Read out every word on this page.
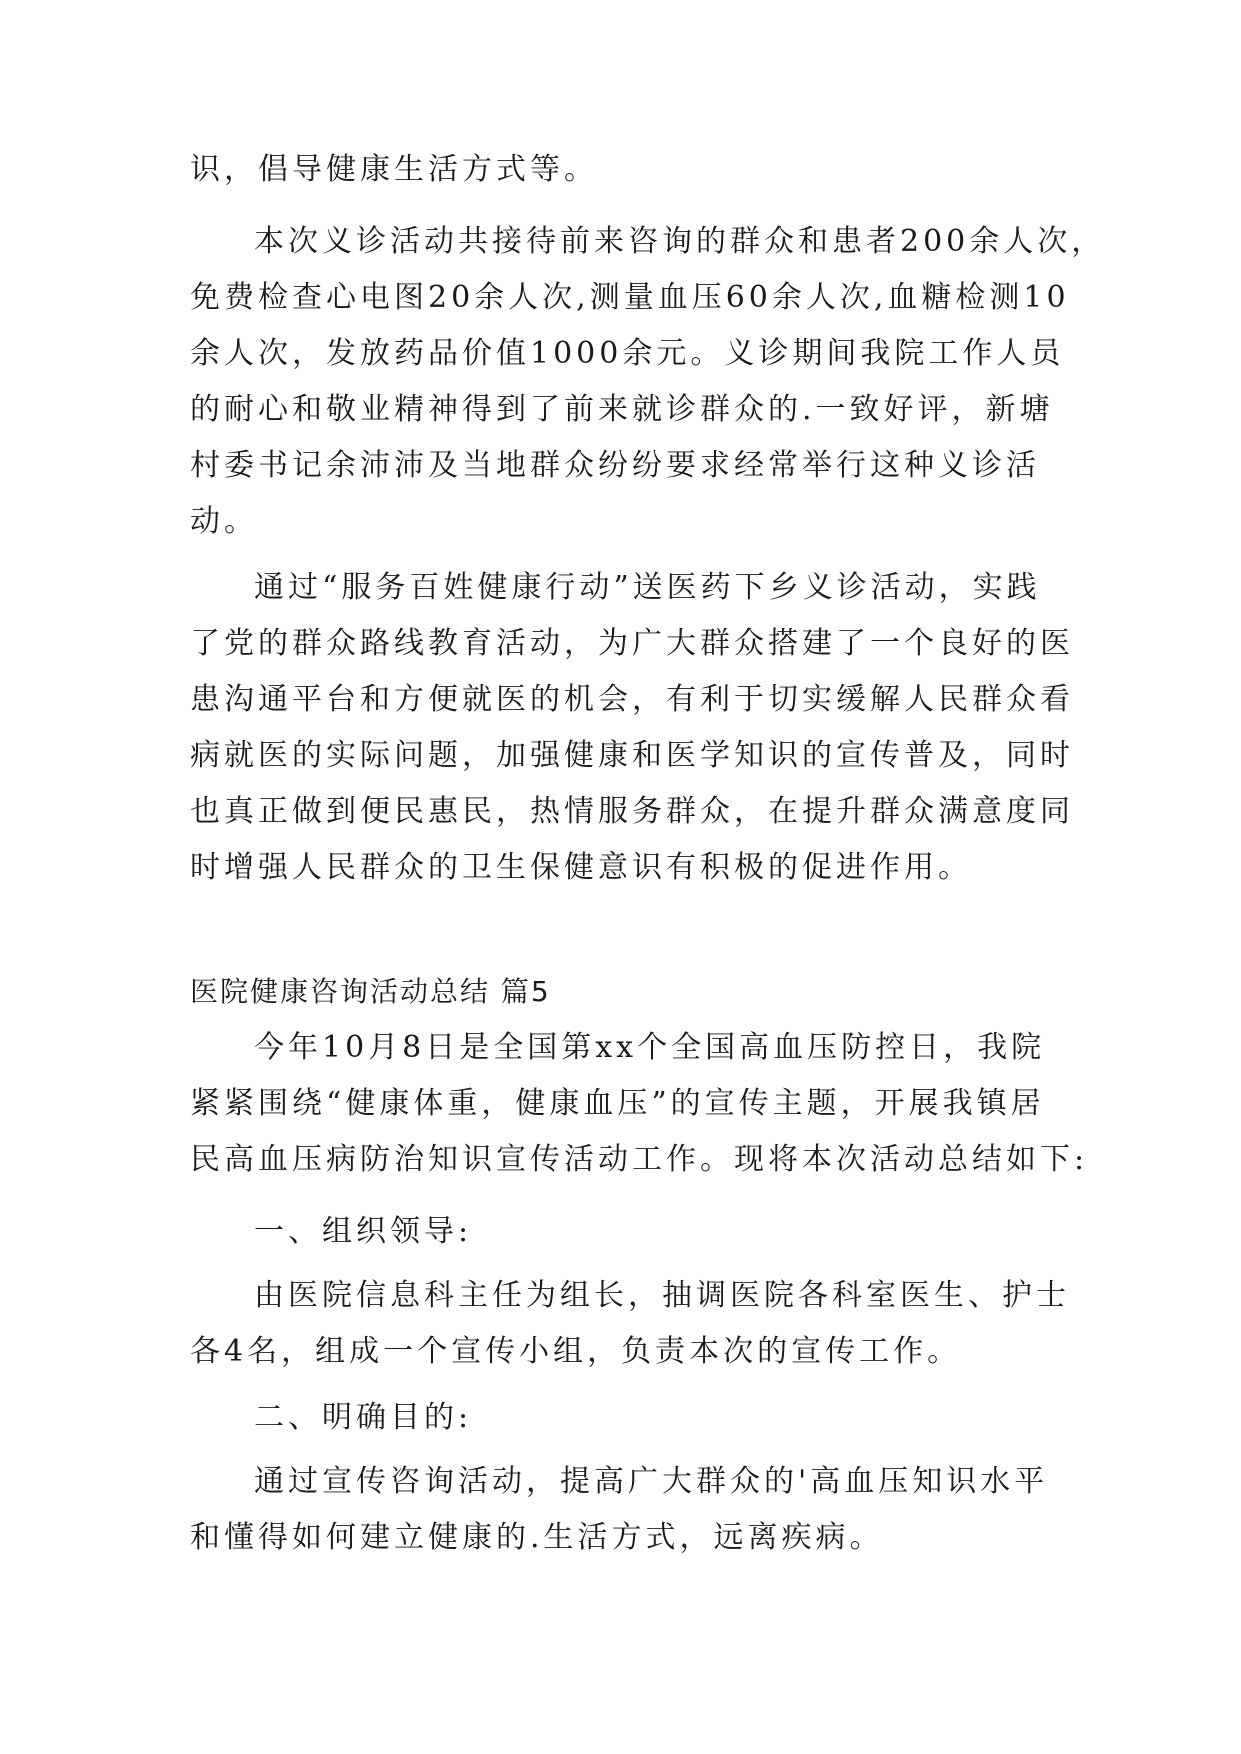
识，倡导健康生活方式等。
本次义诊活动共接待前来咨询的群众和患者200余人次，
免费检查心电图20余人次,测量血压60余人次,血糖检测10
余人次，发放药品价值1000余元。义诊期间我院工作人员
的耐心和敬业精神得到了前来就诊群众的.一致好评，新塘
村委书记余沛沛及当地群众纷纷要求经常举行这种义诊活
动。
通过“服务百姓健康行动”送医药下乡义诊活动，实践
了党的群众路线教育活动，为广大群众搭建了一个良好的医
患沟通平台和方便就医的机会，有利于切实缓解人民群众看
病就医的实际问题，加强健康和医学知识的宣传普及，同时
也真正做到便民惠民，热情服务群众，在提升群众满意度同
时增强人民群众的卫生保健意识有积极的促进作用。
医院健康咨询活动总结 篇5
今年10月8日是全国第xx个全国高血压防控日，我院
紧紧围绕“健康体重，健康血压”的宣传主题，开展我镇居
民高血压病防治知识宣传活动工作。现将本次活动总结如下:
一、组织领导:
由医院信息科主任为组长，抽调医院各科室医生、护士
各4名，组成一个宣传小组，负责本次的宣传工作。
二、明确目的:
通过宣传咨询活动，提高广大群众的'高血压知识水平
和懂得如何建立健康的.生活方式，远离疾病。
